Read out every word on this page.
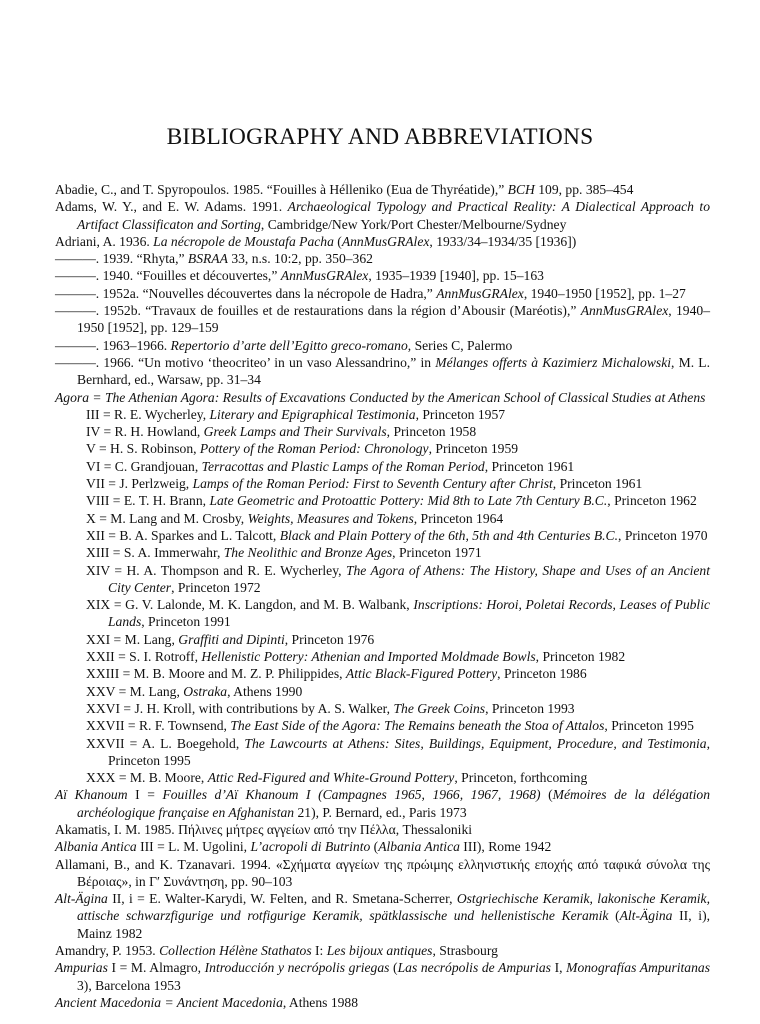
BIBLIOGRAPHY AND ABBREVIATIONS
Abadie, C., and T. Spyropoulos. 1985. “Fouilles à Hélleniko (Eua de Thyréatide),” BCH 109, pp. 385–454
Adams, W. Y., and E. W. Adams. 1991. Archaeological Typology and Practical Reality: A Dialectical Approach to Artifact Classificaton and Sorting, Cambridge/New York/Port Chester/Melbourne/Sydney
Adriani, A. 1936. La nécropole de Moustafa Pacha (AnnMusGRAlex, 1933/34–1934/35 [1936])
———. 1939. “Rhyta,” BSRAA 33, n.s. 10:2, pp. 350–362
———. 1940. “Fouilles et découvertes,” AnnMusGRAlex, 1935–1939 [1940], pp. 15–163
———. 1952a. “Nouvelles découvertes dans la nécropole de Hadra,” AnnMusGRAlex, 1940–1950 [1952], pp. 1–27
———. 1952b. “Travaux de fouilles et de restaurations dans la région d’Abousir (Maréotis),” AnnMusGRAlex, 1940–1950 [1952], pp. 129–159
———. 1963–1966. Repertorio d’arte dell’Egitto greco-romano, Series C, Palermo
———. 1966. “Un motivo ‘theocriteo’ in un vaso Alessandrino,” in Mélanges offerts à Kazimierz Michalowski, M. L. Bernhard, ed., Warsaw, pp. 31–34
Agora = The Athenian Agora: Results of Excavations Conducted by the American School of Classical Studies at Athens
III = R. E. Wycherley, Literary and Epigraphical Testimonia, Princeton 1957
IV = R. H. Howland, Greek Lamps and Their Survivals, Princeton 1958
V = H. S. Robinson, Pottery of the Roman Period: Chronology, Princeton 1959
VI = C. Grandjouan, Terracottas and Plastic Lamps of the Roman Period, Princeton 1961
VII = J. Perlzweig, Lamps of the Roman Period: First to Seventh Century after Christ, Princeton 1961
VIII = E. T. H. Brann, Late Geometric and Protoattic Pottery: Mid 8th to Late 7th Century B.C., Princeton 1962
X = M. Lang and M. Crosby, Weights, Measures and Tokens, Princeton 1964
XII = B. A. Sparkes and L. Talcott, Black and Plain Pottery of the 6th, 5th and 4th Centuries B.C., Princeton 1970
XIII = S. A. Immerwahr, The Neolithic and Bronze Ages, Princeton 1971
XIV = H. A. Thompson and R. E. Wycherley, The Agora of Athens: The History, Shape and Uses of an Ancient City Center, Princeton 1972
XIX = G. V. Lalonde, M. K. Langdon, and M. B. Walbank, Inscriptions: Horoi, Poletai Records, Leases of Public Lands, Princeton 1991
XXI = M. Lang, Graffiti and Dipinti, Princeton 1976
XXII = S. I. Rotroff, Hellenistic Pottery: Athenian and Imported Moldmade Bowls, Princeton 1982
XXIII = M. B. Moore and M. Z. P. Philippides, Attic Black-Figured Pottery, Princeton 1986
XXV = M. Lang, Ostraka, Athens 1990
XXVI = J. H. Kroll, with contributions by A. S. Walker, The Greek Coins, Princeton 1993
XXVII = R. F. Townsend, The East Side of the Agora: The Remains beneath the Stoa of Attalos, Princeton 1995
XXVII = A. L. Boegehold, The Lawcourts at Athens: Sites, Buildings, Equipment, Procedure, and Testimonia, Princeton 1995
XXX = M. B. Moore, Attic Red-Figured and White-Ground Pottery, Princeton, forthcoming
Aï Khanoum I = Fouilles d’Aï Khanoum I (Campagnes 1965, 1966, 1967, 1968) (Mémoires de la délégation archéologique française en Afghanistan 21), P. Bernard, ed., Paris 1973
Akamatis, I. M. 1985. Πήλινες μήτρες αγγείων από την Πέλλα, Thessaloniki
Albania Antica III = L. M. Ugolini, L’acropoli di Butrinto (Albania Antica III), Rome 1942
Allamani, B., and K. Tzanavari. 1994. «Σχήματα αγγείων της πρώιμης ελληνιστικής εποχής από ταφικά σύνολα της Βέροιας», in Γ′ Συνάντηση, pp. 90–103
Alt-Ägina II, i = E. Walter-Karydi, W. Felten, and R. Smetana-Scherrer, Ostgriechische Keramik, lakonische Keramik, attische schwarzfigurige und rotfigurige Keramik, spätklassische und hellenistische Keramik (Alt-Ägina II, i), Mainz 1982
Amandry, P. 1953. Collection Hélène Stathatos I: Les bijoux antiques, Strasbourg
Ampurias I = M. Almagro, Introducción y necrópolis griegas (Las necrópolis de Ampurias I, Monografías Ampuritanas 3), Barcelona 1953
Ancient Macedonia = Ancient Macedonia, Athens 1988
